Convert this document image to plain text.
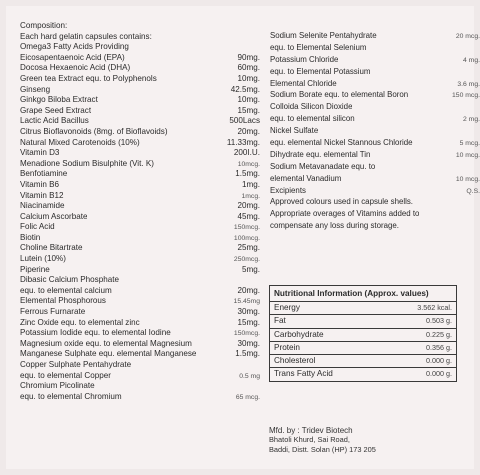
Composition:
Each hard gelatin capsules contains:
Omega3 Fatty Acids Providing
Eicosapentaenoic Acid (EPA)	90mg.
Docosa Hexaenoic Acid (DHA)	60mg.
Green tea Extract equ. to Polyphenols	10mg.
Ginseng	42.5mg.
Ginkgo Biloba Extract	10mg.
Grape Seed Extract	15mg.
Lactic Acid Bacillus	500Lacs
Citrus Bioflavonoids (8mg. of Bioflavoids)	20mg.
Natural Mixed Carotenoids (10%)	11.33mg.
Vitamin D3	200I.U.
Menadione Sodium Bisulphite (Vit. K)	10mcg.
Benfotiamine	1.5mg.
Vitamin B6	1mg.
Vitamin B12	1mcg.
Niacinamide	20mg.
Calcium Ascorbate	45mg.
Folic Acid	150mcg.
Biotin	100mcg.
Choline Bitartrate	25mg.
Lutein (10%)	250mcg.
Piperine	5mg.
Dibasic Calcium Phosphate
equ. to elemental calcium	20mg.
Elemental Phosphorous	15.45mg
Ferrous Furnarate	30mg.
Zinc Oxide equ. to elemental zinc	15mg.
Potassium Iodide equ. to elemental Iodine	150mcg.
Magnesium oxide equ. to elemental Magnesium	30mg.
Manganese Sulphate equ. elemental Manganese	1.5mg.
Copper Sulphate Pentahydrate
equ. to elemental Copper	0.5 mg
Chromium Picolinate
equ. to elemental Chromium	65 mcg.
Sodium Selenite Pentahydrate	20 mcg.
equ. to Elemental Selenium
Potassium Chloride	4 mg.
equ. to Elemental Potassium
Elemental Chloride	3.6 mg.
Sodium Borate equ. to elemental Boron	150 mcg.
Colloida Silicon Dioxide
equ. to elemental silicon	2 mg.
Nickel Sulfate
equ. elemental Nickel Stannous Chloride	5 mcg.
Dihydrate equ. elemental Tin	10 mcg.
Sodium Metavanadate equ. to
elemental Vanadium	10 mcg.
Excipients	Q.S.
Approved colours used in capsule shells.
Appropriate overages of Vitamins added to
compensate any loss during storage.
Nutritional Information (Approx. values)
Energy	3.562 kcal.
Fat	0.503 g.
Carbohydrate	0.225 g.
Protein	0.356 g.
Cholesterol	0.000 g.
Trans Fatty Acid	0.000 g.
Mfd. by : Tridev Biotech
Bhatoli Khurd, Sai Road,
Baddi, Distt. Solan (HP) 173 205
